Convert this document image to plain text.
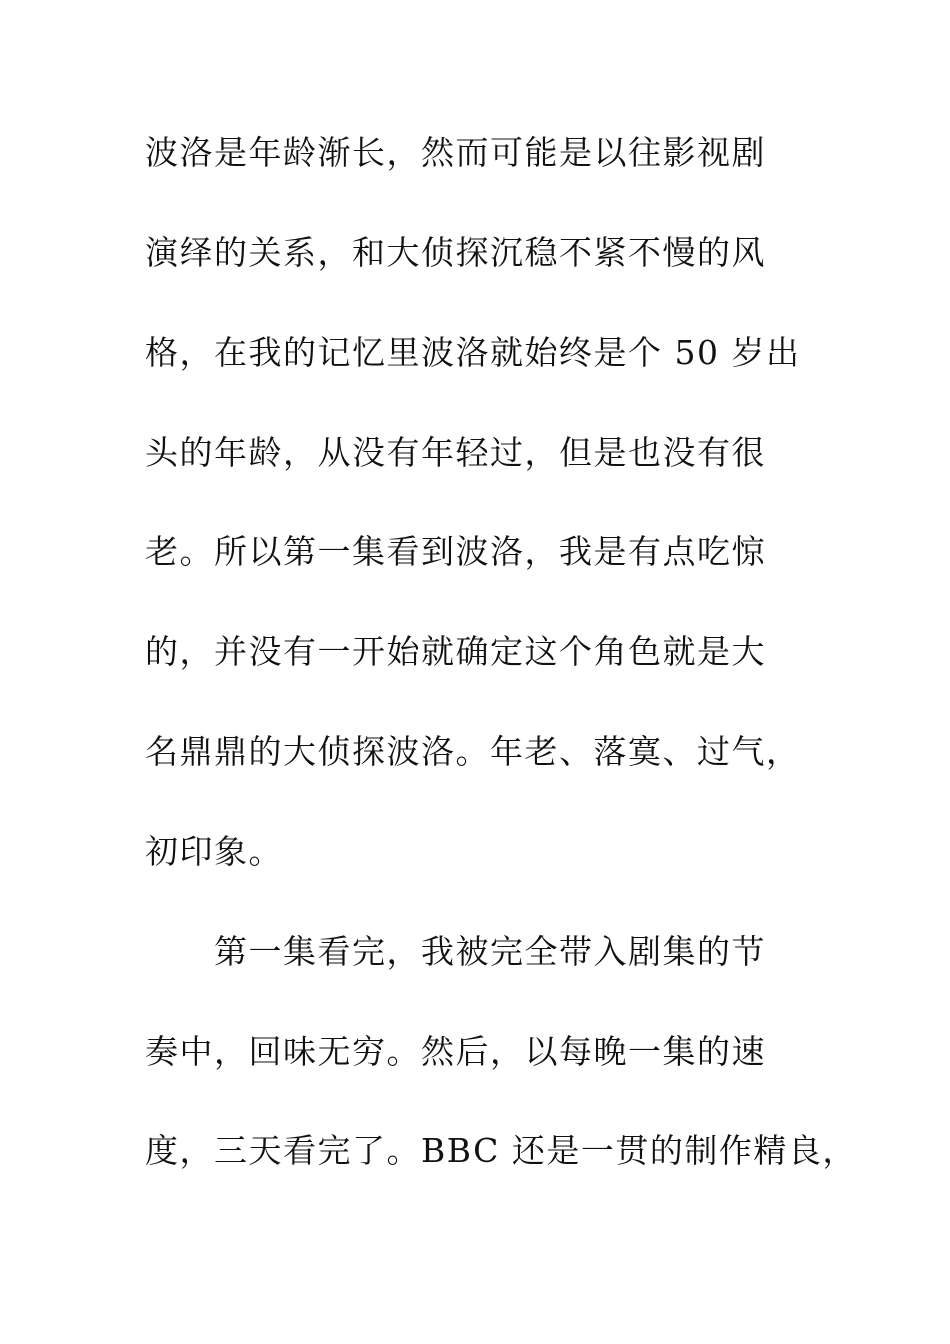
波洛是年龄渐长，然而可能是以往影视剧
演绎的关系，和大侦探沉稳不紧不慢的风
格，在我的记忆里波洛就始终是个 50 岁出
头的年龄，从没有年轻过，但是也没有很
老。所以第一集看到波洛，我是有点吃惊
的，并没有一开始就确定这个角色就是大
名鼎鼎的大侦探波洛。年老、落寞、过气，
初印象。
第一集看完，我被完全带入剧集的节
奏中，回味无穷。然后，以每晚一集的速
度，三天看完了。BBC 还是一贯的制作精良，
